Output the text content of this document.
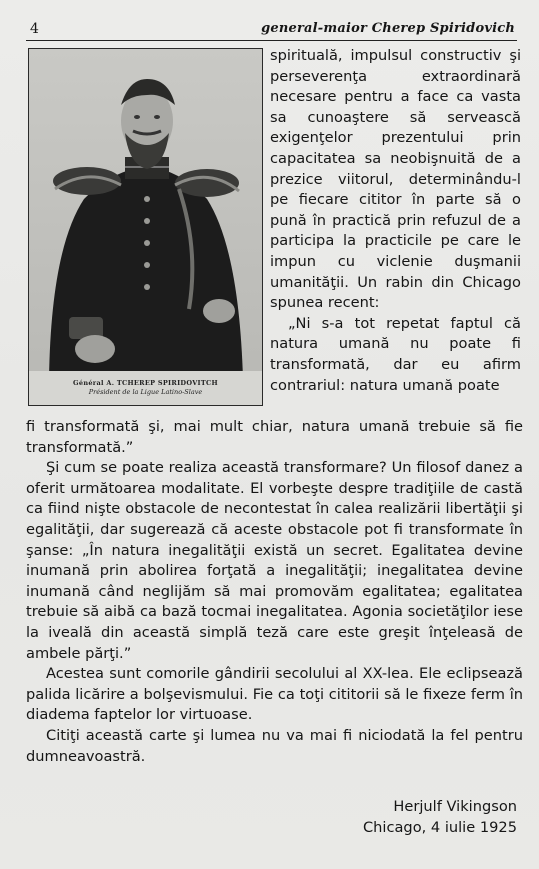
4	general-maior Cherep Spiridovich
Général A. TCHEREP SPIRIDOVITCH
Président de la Ligue Latino-Slave

spirituală, impulsul constructiv şi perseverenţa extraordinară necesare pentru a face ca vasta sa cunoaştere să servească exigenţelor prezentului prin capacitatea sa neobişnuită de a prezice viitorul, determinându-l pe fiecare cititor în parte să o pună în practică prin refuzul de a participa la practicile pe care le impun cu viclenie duşmanii umanităţii. Un rabin din Chicago spunea recent:

„Ni s-a tot repetat faptul că natura umană nu poate fi transformată, dar eu afirm contrariul: natura umană poate

fi transformată şi, mai mult chiar, natura umană trebuie să fie transformată.”

Şi cum se poate realiza această transformare? Un filosof danez a oferit următoarea modalitate. El vorbeşte despre tradiţiile de castă ca fiind nişte obstacole de necontestat în calea realizării libertăţii şi egalităţii, dar sugerează că aceste obstacole pot fi transformate în şanse: „În natura inegalităţii există un secret. Egalitatea devine inumană prin abolirea forţată a inegalităţii; inegalitatea devine inumană când neglijăm să mai promovăm egalitatea; egalitatea trebuie să aibă ca bază tocmai inegalitatea. Agonia societăţilor iese la iveală din această simplă teză care este greşit înţeleasă de ambele părţi.”

Acestea sunt comorile gândirii secolului al XX-lea. Ele eclipsează palida licărire a bolşevismului. Fie ca toţi cititorii să le fixeze ferm în diadema faptelor lor virtuoase.

Citiţi această carte şi lumea nu va mai fi niciodată la fel pentru dumneavoastră.

Herjulf Vikingson
Chicago, 4 iulie 1925
